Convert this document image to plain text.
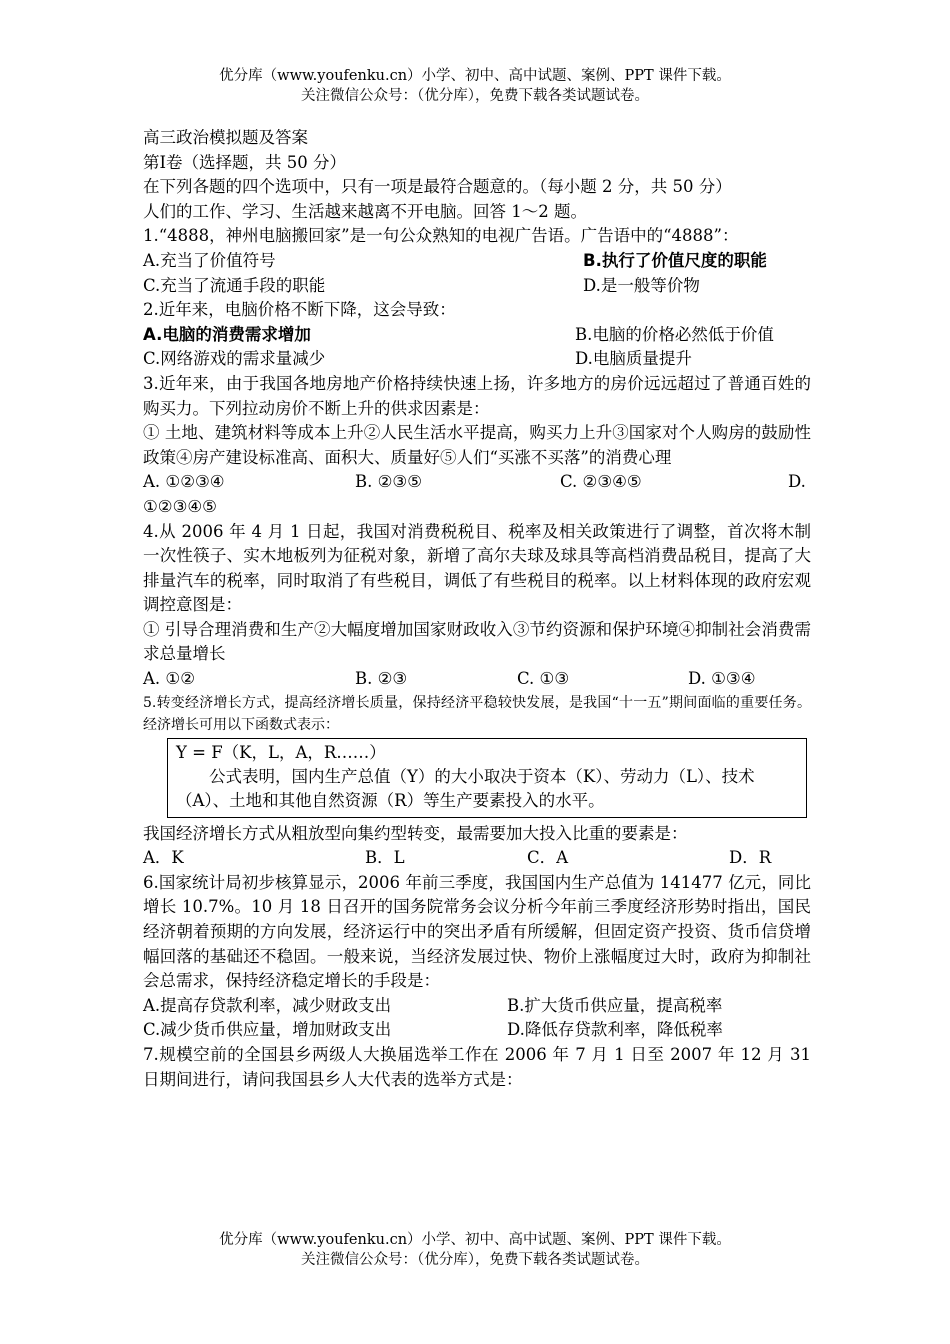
优分库（www.youfenku.cn）小学、初中、高中试题、案例、PPT 课件下载。
关注微信公众号：（优分库），免费下载各类试题试卷。
高三政治模拟题及答案
第Ⅰ卷（选择题，共 50 分）
在下列各题的四个选项中，只有一项是最符合题意的。（每小题 2 分，共 50 分）
人们的工作、学习、生活越来越离不开电脑。回答 1～2 题。
1.“4888，神州电脑搬回家”是一句公众熟知的电视广告语。广告语中的“4888”：
A.充当了价值符号	B.执行了价值尺度的职能
C.充当了流通手段的职能	D.是一般等价物
2.近年来，电脑价格不断下降，这会导致：
A.电脑的消费需求增加	B.电脑的价格必然低于价值
C.网络游戏的需求量减少	D.电脑质量提升
3.近年来，由于我国各地房地产价格持续快速上扬，许多地方的房价远远超过了普通百姓的购买力。下列拉动房价不断上升的供求因素是：
① 土地、建筑材料等成本上升②人民生活水平提高，购买力上升③国家对个人购房的鼓励性政策④房产建设标准高、面积大、质量好⑤人们“买涨不买落”的消费心理
A. ①②③④	B. ②③⑤	C. ②③④⑤	D.
①②③④⑤
4.从 2006 年 4 月 1 日起，我国对消费税税目、税率及相关政策进行了调整，首次将木制一次性筷子、实木地板列为征税对象，新增了高尔夫球及球具等高档消费品税目，提高了大排量汽车的税率，同时取消了有些税目，调低了有些税目的税率。以上材料体现的政府宏观调控意图是：
① 引导合理消费和生产②大幅度增加国家财政收入③节约资源和保护环境④抑制社会消费需求总量增长
A. ①②	B. ②③	C. ①③	D. ①③④
5.转变经济增长方式，提高经济增长质量，保持经济平稳较快发展，是我国“十一五”期间面临的重要任务。经济增长可用以下函数式表示：
Y = F（K，L，A，R……）
公式表明，国内生产总值（Y）的大小取决于资本（K）、劳动力（L）、技术（A）、土地和其他自然资源（R）等生产要素投入的水平。
我国经济增长方式从粗放型向集约型转变，最需要加大投入比重的要素是：
A．K	B．L	C．A	D．R
6.国家统计局初步核算显示，2006 年前三季度，我国国内生产总值为 141477 亿元，同比增长 10.7%。10 月 18 日召开的国务院常务会议分析今年前三季度经济形势时指出，国民经济朝着预期的方向发展，经济运行中的突出矛盾有所缓解，但固定资产投资、货币信贷增幅回落的基础还不稳固。一般来说，当经济发展过快、物价上涨幅度过大时，政府为抑制社会总需求，保持经济稳定增长的手段是：
A.提高存贷款利率，减少财政支出	B.扩大货币供应量，提高税率
C.减少货币供应量，增加财政支出	D.降低存贷款利率，降低税率
7.规模空前的全国县乡两级人大换届选举工作在 2006 年 7 月 1 日至 2007 年 12 月 31 日期间进行，请问我国县乡人大代表的选举方式是：
优分库（www.youfenku.cn）小学、初中、高中试题、案例、PPT 课件下载。
关注微信公众号：（优分库），免费下载各类试题试卷。
